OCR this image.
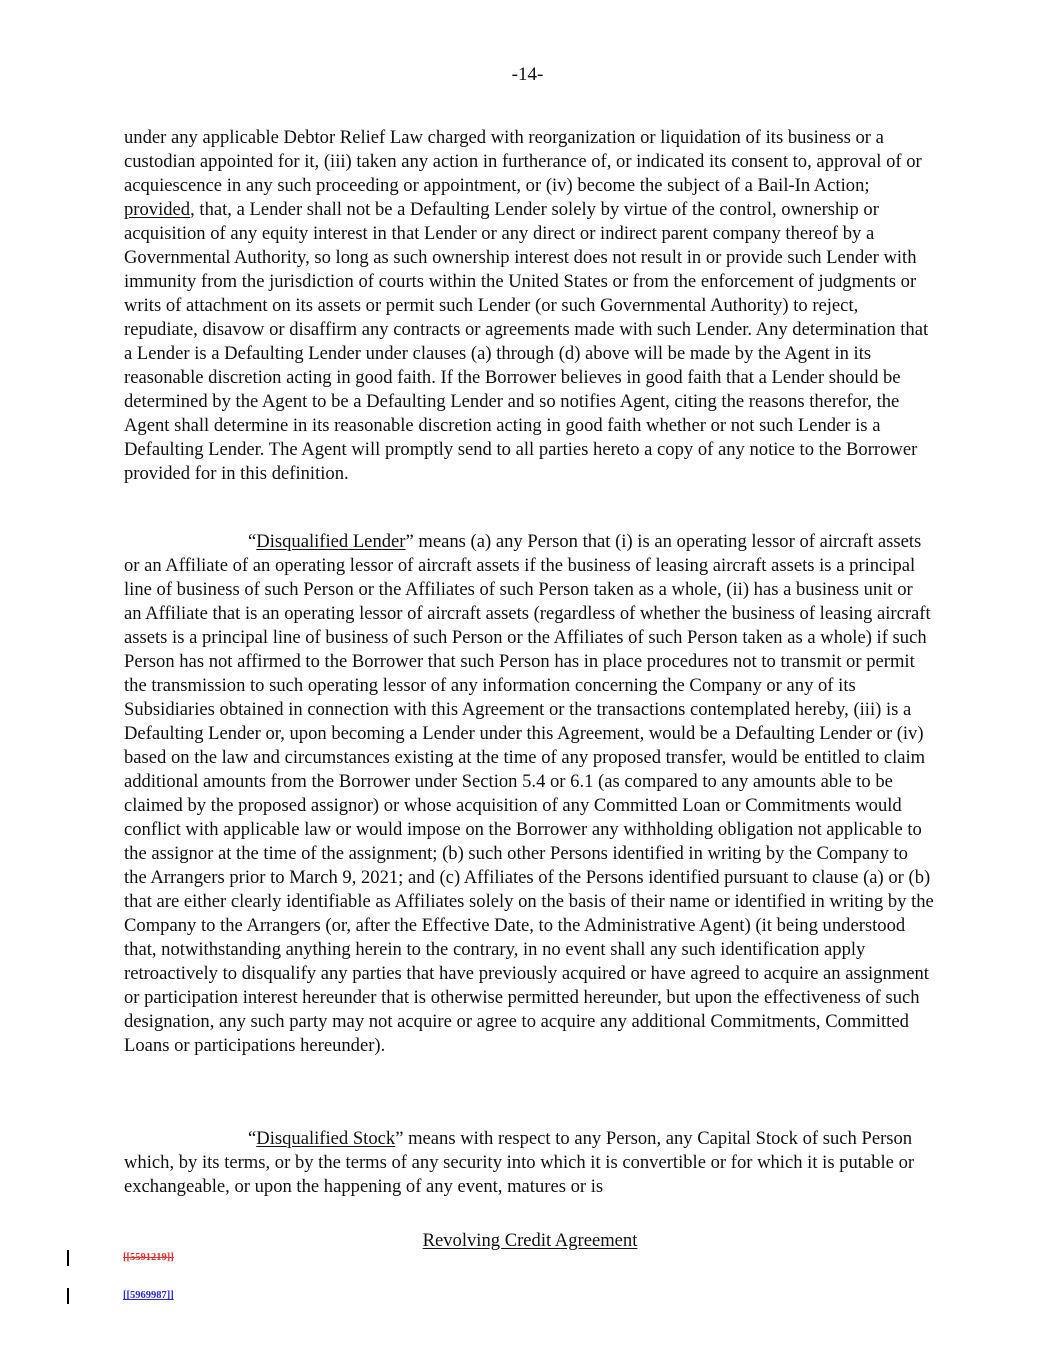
-14-

under any applicable Debtor Relief Law charged with reorganization or liquidation of its business or a custodian appointed for it, (iii) taken any action in furtherance of, or indicated its consent to, approval of or acquiescence in any such proceeding or appointment, or (iv) become the subject of a Bail-In Action; provided, that, a Lender shall not be a Defaulting Lender solely by virtue of the control, ownership or acquisition of any equity interest in that Lender or any direct or indirect parent company thereof by a Governmental Authority, so long as such ownership interest does not result in or provide such Lender with immunity from the jurisdiction of courts within the United States or from the enforcement of judgments or writs of attachment on its assets or permit such Lender (or such Governmental Authority) to reject, repudiate, disavow or disaffirm any contracts or agreements made with such Lender. Any determination that a Lender is a Defaulting Lender under clauses (a) through (d) above will be made by the Agent in its reasonable discretion acting in good faith. If the Borrower believes in good faith that a Lender should be determined by the Agent to be a Defaulting Lender and so notifies Agent, citing the reasons therefor, the Agent shall determine in its reasonable discretion acting in good faith whether or not such Lender is a Defaulting Lender. The Agent will promptly send to all parties hereto a copy of any notice to the Borrower provided for in this definition.

“Disqualified Lender” means (a) any Person that (i) is an operating lessor of aircraft assets or an Affiliate of an operating lessor of aircraft assets if the business of leasing aircraft assets is a principal line of business of such Person or the Affiliates of such Person taken as a whole, (ii) has a business unit or an Affiliate that is an operating lessor of aircraft assets (regardless of whether the business of leasing aircraft assets is a principal line of business of such Person or the Affiliates of such Person taken as a whole) if such Person has not affirmed to the Borrower that such Person has in place procedures not to transmit or permit the transmission to such operating lessor of any information concerning the Company or any of its Subsidiaries obtained in connection with this Agreement or the transactions contemplated hereby, (iii) is a Defaulting Lender or, upon becoming a Lender under this Agreement, would be a Defaulting Lender or (iv) based on the law and circumstances existing at the time of any proposed transfer, would be entitled to claim additional amounts from the Borrower under Section 5.4 or 6.1 (as compared to any amounts able to be claimed by the proposed assignor) or whose acquisition of any Committed Loan or Commitments would conflict with applicable law or would impose on the Borrower any withholding obligation not applicable to the assignor at the time of the assignment; (b) such other Persons identified in writing by the Company to the Arrangers prior to March 9, 2021; and (c) Affiliates of the Persons identified pursuant to clause (a) or (b) that are either clearly identifiable as Affiliates solely on the basis of their name or identified in writing by the Company to the Arrangers (or, after the Effective Date, to the Administrative Agent) (it being understood that, notwithstanding anything herein to the contrary, in no event shall any such identification apply retroactively to disqualify any parties that have previously acquired or have agreed to acquire an assignment or participation interest hereunder that is otherwise permitted hereunder, but upon the effectiveness of such designation, any such party may not acquire or agree to acquire any additional Commitments, Committed Loans or participations hereunder).

“Disqualified Stock” means with respect to any Person, any Capital Stock of such Person which, by its terms, or by the terms of any security into which it is convertible or for which it is putable or exchangeable, or upon the happening of any event, matures or is

Revolving Credit Agreement
[[5591219]]
[[5969987]]
